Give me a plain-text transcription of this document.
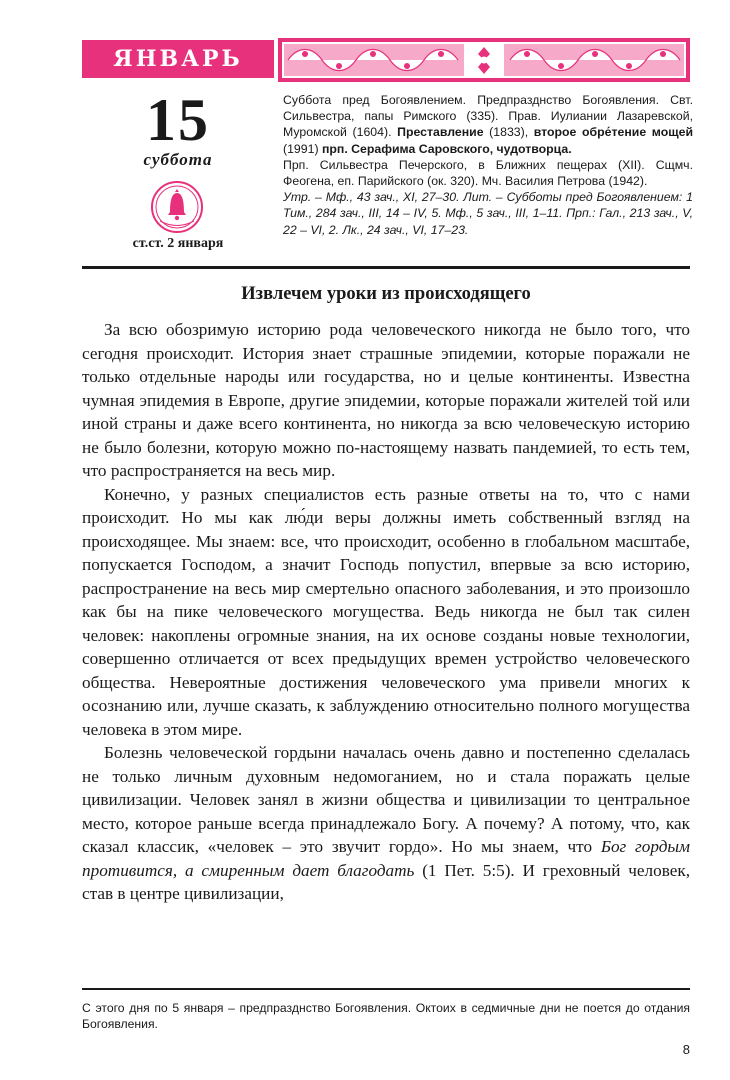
ЯНВАРЬ
15
суббота
ст.ст. 2 января

Суббота пред Богоявлением. Предпразднство Богоявления. Свт. Сильвестра, папы Римского (335). Прав. Иулиании Лазаревской, Муромской (1604). Преставление (1833), второе обре́тение мощей (1991) прп. Серафима Саровского, чудотворца.

Прп. Сильвестра Печерского, в Ближних пещерах (XII). Сщмч. Феогена, еп. Парийского (ок. 320). Мч. Василия Петрова (1942).

Утр. – Мф., 43 зач., XI, 27–30. Лит. – Субботы пред Богоявлением: 1 Тим., 284 зач., III, 14 – IV, 5. Мф., 5 зач., III, 1–11. Прп.: Гал., 213 зач., V, 22 – VI, 2. Лк., 24 зач., VI, 17–23.

Извлечем уроки из происходящего

За всю обозримую историю рода человеческого никогда не было того, что сегодня происходит. История знает страшные эпидемии, которые поражали не только отдельные народы или государства, но и целые континенты. Известна чумная эпидемия в Европе, другие эпидемии, которые поражали жителей той или иной страны и даже всего континента, но никогда за всю человеческую историю не было болезни, которую можно по-настоящему назвать пандемией, то есть тем, что распространяется на весь мир.

Конечно, у разных специалистов есть разные ответы на то, что с нами происходит. Но мы как лю́ди веры должны иметь собственный взгляд на происходящее. Мы знаем: все, что происходит, особенно в глобальном масштабе, попускается Господом, а значит Господь попустил, впервые за всю историю, распространение на весь мир смертельно опасного заболевания, и это произошло как бы на пике человеческого могущества. Ведь никогда не был так силен человек: накоплены огромные знания, на их основе созданы новые технологии, совершенно отличается от всех предыдущих времен устройство человеческого общества. Невероятные достижения человеческого ума привели многих к осознанию или, лучше сказать, к заблуждению относительно полного могущества человека в этом мире.

Болезнь человеческой гордыни началась очень давно и постепенно сделалась не только личным духовным недомоганием, но и стала поражать целые цивилизации. Человек занял в жизни общества и цивилизации то центральное место, которое раньше всегда принадлежало Богу. А почему? А потому, что, как сказал классик, «человек – это звучит гордо». Но мы знаем, что Бог гордым противится, а смиренным дает благодать (1 Пет. 5:5). И греховный человек, став в центре цивилизации,

С этого дня по 5 января – предпразднство Богоявления. Октоих в седмичные дни не поется до отдания Богоявления.
8
